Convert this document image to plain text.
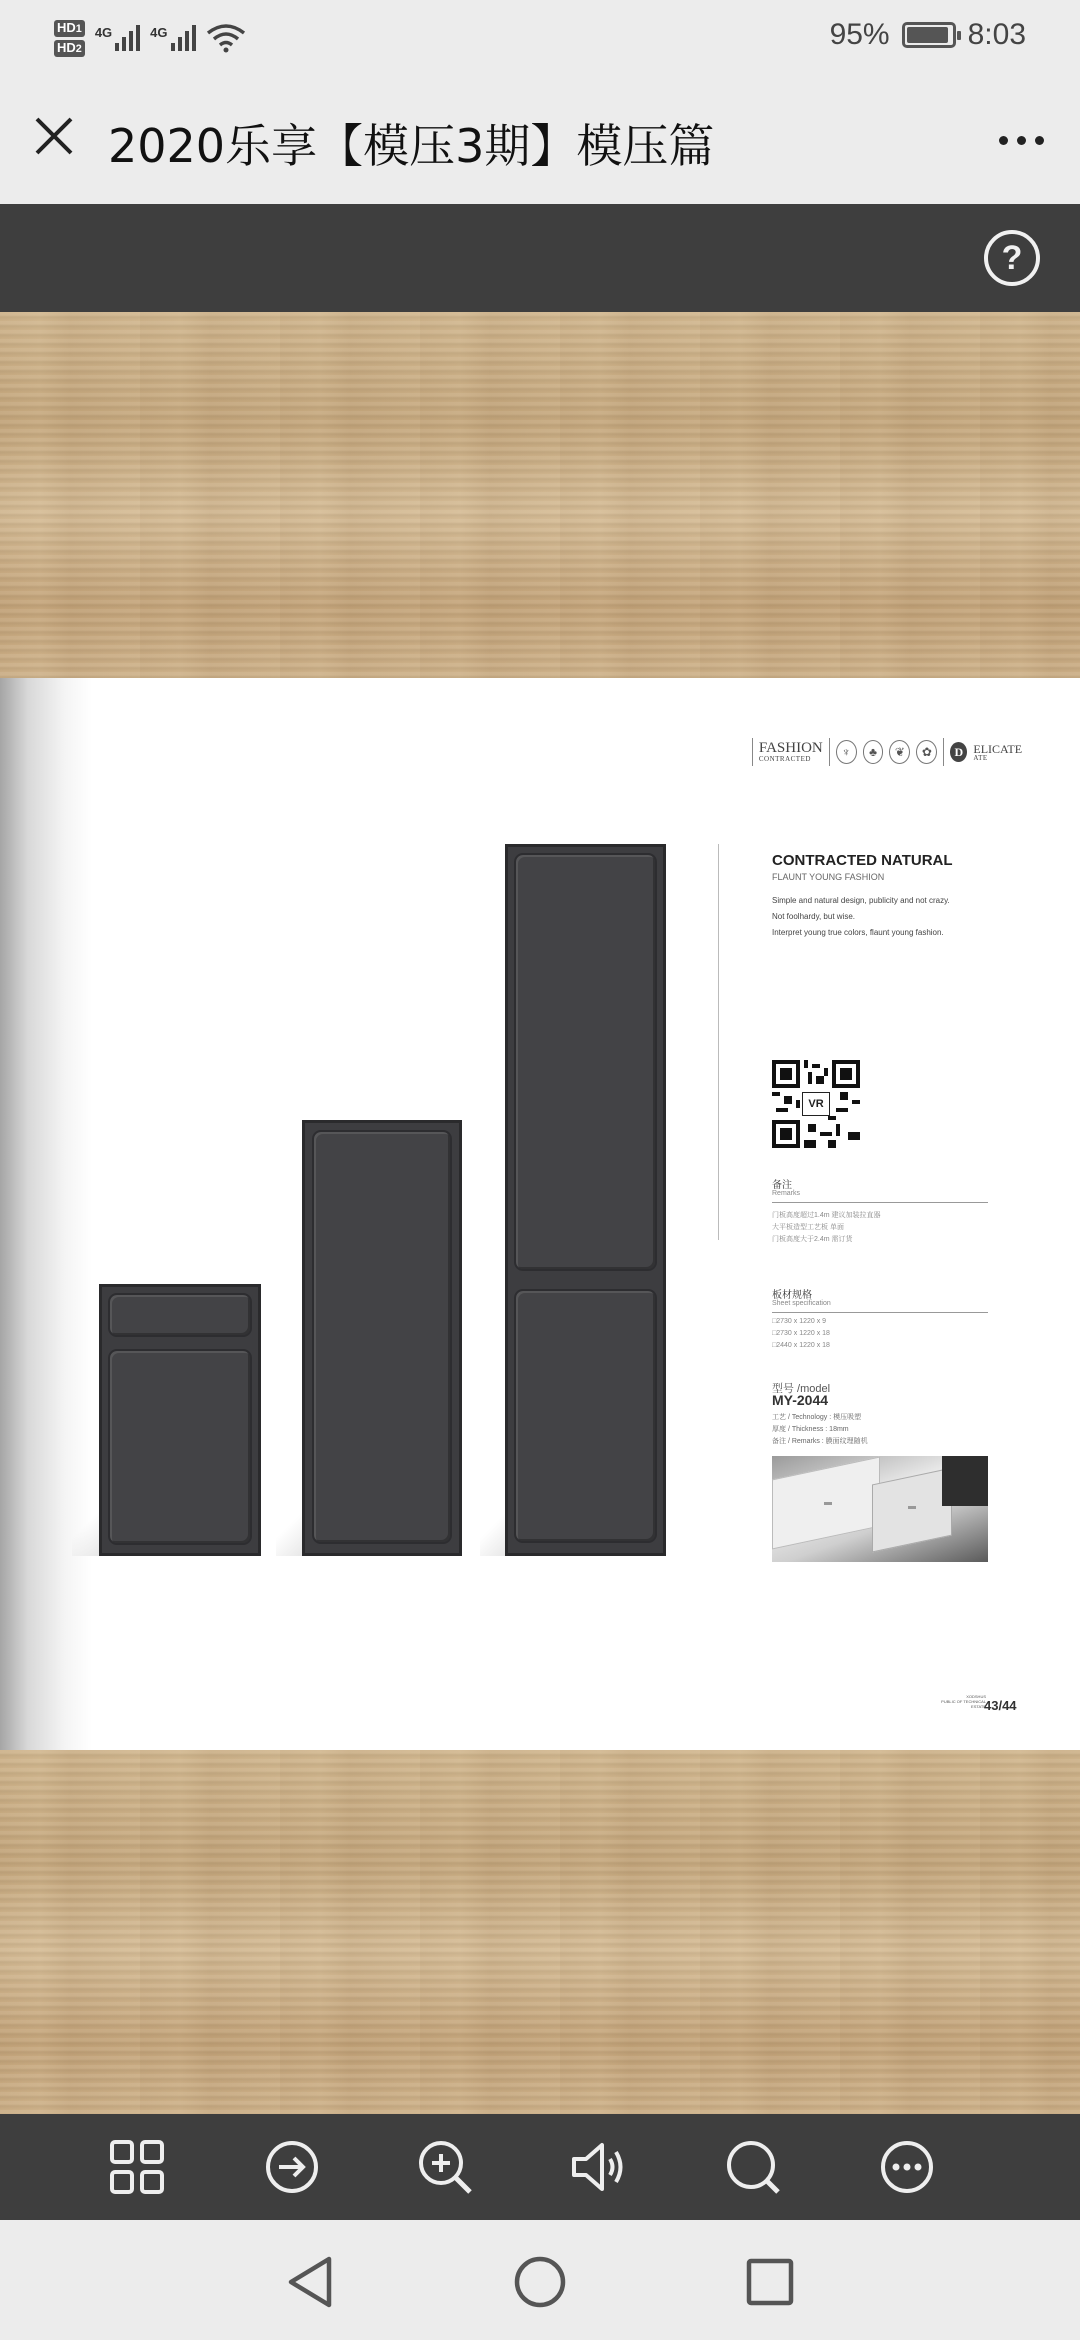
HD1
HD2
4G	4G	95%	8:03
2020乐享【模压3期】模压篇
?
FASHION
CONTRACTED	♆	♣	❦	✿	D ELICATE
ATE
CONTRACTED NATURAL
FLAUNT YOUNG FASHION
Simple and natural design, publicity and not crazy.
Not foolhardy, but wise.
Interpret young true colors, flaunt young fashion.
VR
备注
Remarks
门板高度超过1.4m 建议加装拉直器
大平板造型工艺板 单面
门板高度大于2.4m 需订货
板材规格
Sheet specification
□2730 x 1220 x 9
□2730 x 1220 x 18
□2440 x 1220 x 18
型号 /model
MY-2044
工艺 / Technology : 模压吸塑
厚度 / Thickness : 18mm
备注 / Remarks : 膜面纹理随机
XODSHUS
PUBLIC OF TECHNICAL
ESTATE
43/44
